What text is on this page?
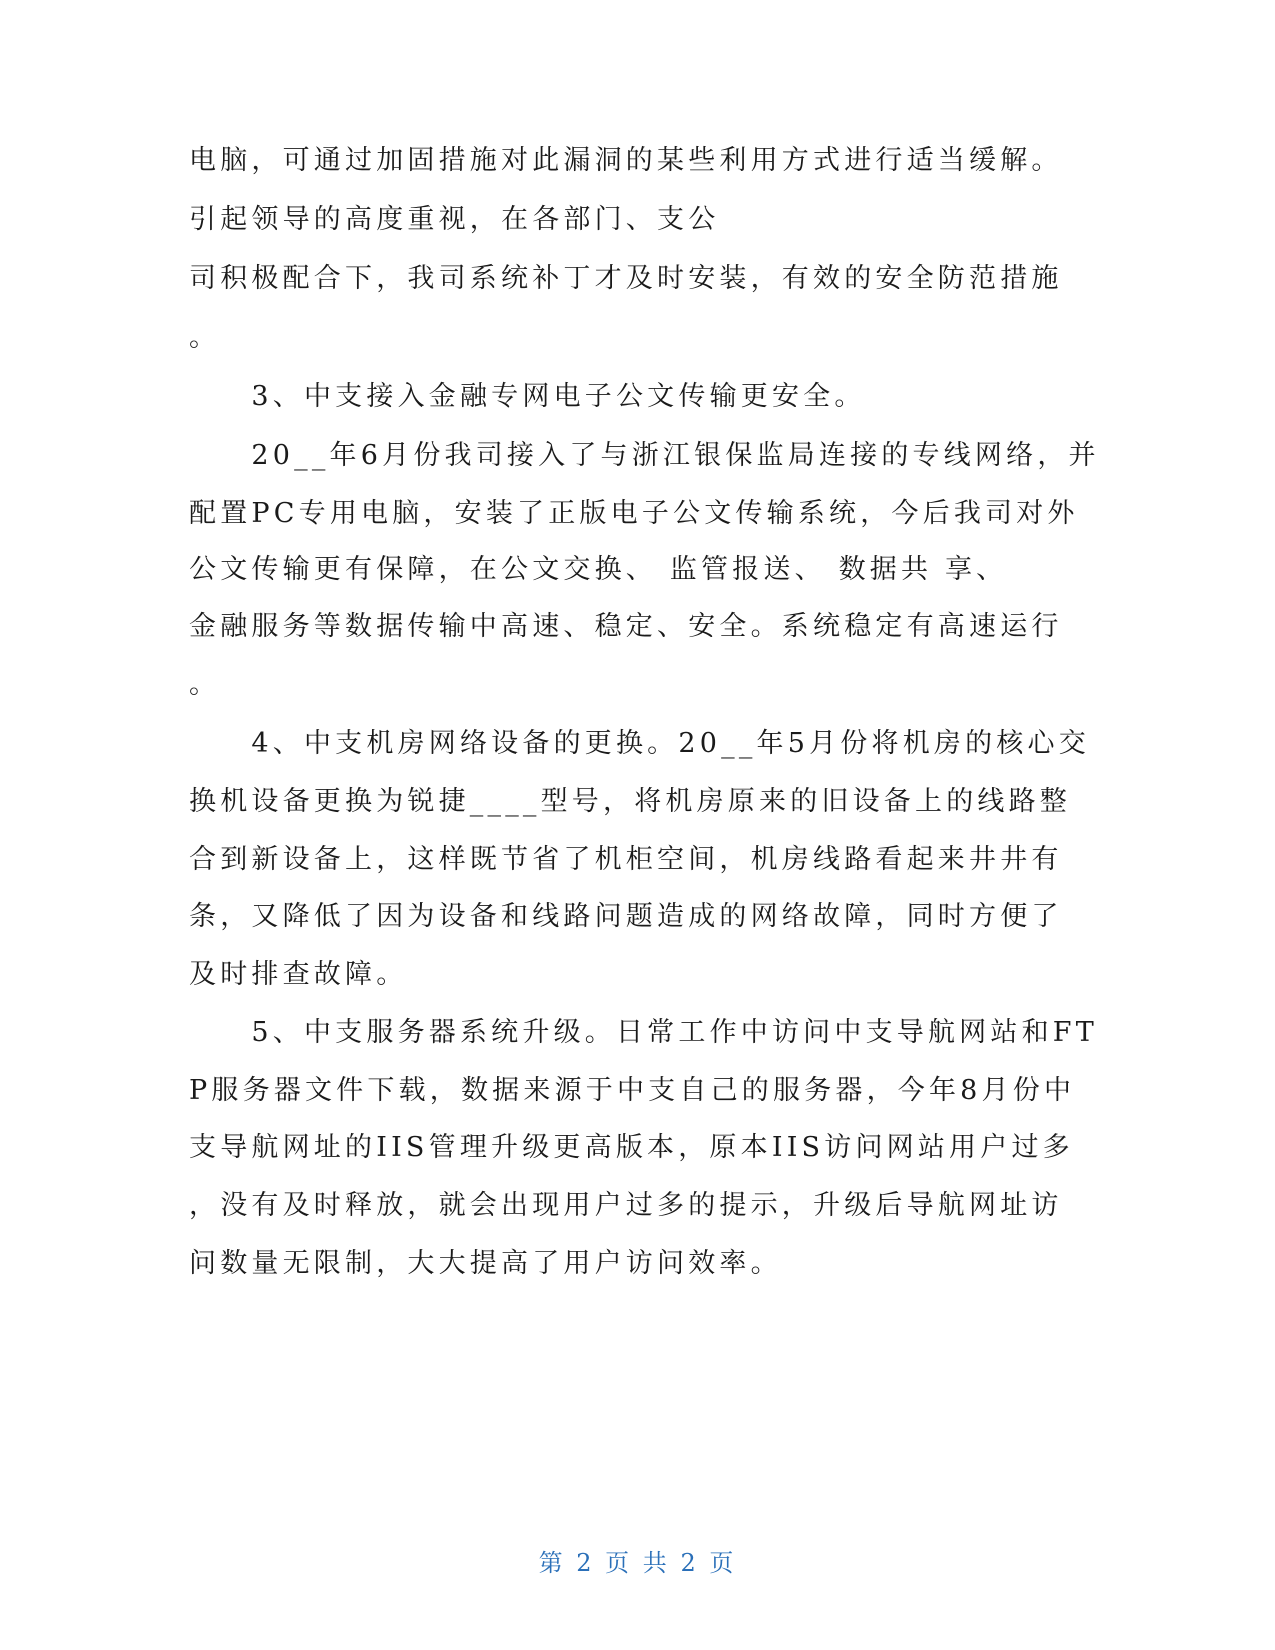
电脑，可通过加固措施对此漏洞的某些利用方式进行适当缓解。
引起领导的高度重视，在各部门、支公
司积极配合下，我司系统补丁才及时安装，有效的安全防范措施
。
　　3、中支接入金融专网电子公文传输更安全。
　　20__年6月份我司接入了与浙江银保监局连接的专线网络，并
配置PC专用电脑，安装了正版电子公文传输系统，今后我司对外
公文传输更有保障，在公文交换、 监管报送、 数据共 享、
金融服务等数据传输中高速、稳定、安全。系统稳定有高速运行
。
　　4、中支机房网络设备的更换。20__年5月份将机房的核心交
换机设备更换为锐捷____型号，将机房原来的旧设备上的线路整
合到新设备上，这样既节省了机柜空间，机房线路看起来井井有
条，又降低了因为设备和线路问题造成的网络故障，同时方便了
及时排查故障。
　　5、中支服务器系统升级。日常工作中访问中支导航网站和FT
P服务器文件下载，数据来源于中支自己的服务器，今年8月份中
支导航网址的IIS管理升级更高版本，原本IIS访问网站用户过多
，没有及时释放，就会出现用户过多的提示，升级后导航网址访
问数量无限制，大大提高了用户访问效率。
第 2 页 共 2 页
